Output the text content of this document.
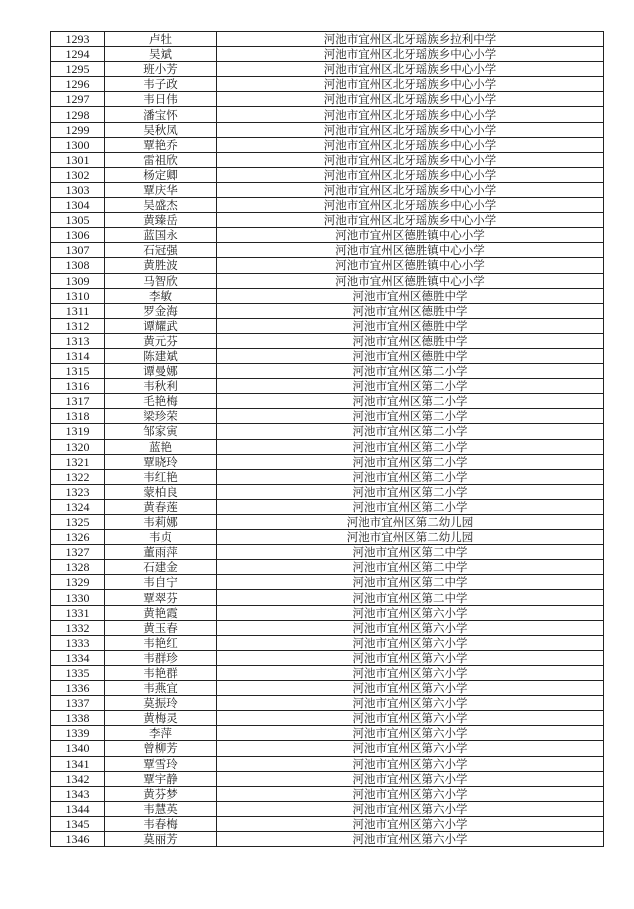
1293	卢牡	河池市宜州区北牙瑶族乡拉利中学
1294	吴斌	河池市宜州区北牙瑶族乡中心小学
1295	班小芳	河池市宜州区北牙瑶族乡中心小学
1296	韦子政	河池市宜州区北牙瑶族乡中心小学
1297	韦日伟	河池市宜州区北牙瑶族乡中心小学
1298	潘宝怀	河池市宜州区北牙瑶族乡中心小学
1299	吴秋凤	河池市宜州区北牙瑶族乡中心小学
1300	覃艳乔	河池市宜州区北牙瑶族乡中心小学
1301	雷祖欣	河池市宜州区北牙瑶族乡中心小学
1302	杨定卿	河池市宜州区北牙瑶族乡中心小学
1303	覃庆华	河池市宜州区北牙瑶族乡中心小学
1304	吴盛杰	河池市宜州区北牙瑶族乡中心小学
1305	黄臻岳	河池市宜州区北牙瑶族乡中心小学
1306	蓝国永	河池市宜州区德胜镇中心小学
1307	石冠强	河池市宜州区德胜镇中心小学
1308	黄胜波	河池市宜州区德胜镇中心小学
1309	马智欣	河池市宜州区德胜镇中心小学
1310	李敏	河池市宜州区德胜中学
1311	罗金海	河池市宜州区德胜中学
1312	谭耀武	河池市宜州区德胜中学
1313	黄元芬	河池市宜州区德胜中学
1314	陈建斌	河池市宜州区德胜中学
1315	谭曼娜	河池市宜州区第二小学
1316	韦秋利	河池市宜州区第二小学
1317	毛艳梅	河池市宜州区第二小学
1318	梁珍荣	河池市宜州区第二小学
1319	邹家寅	河池市宜州区第二小学
1320	蓝艳	河池市宜州区第二小学
1321	覃晓玲	河池市宜州区第二小学
1322	韦红艳	河池市宜州区第二小学
1323	蒙柏良	河池市宜州区第二小学
1324	黄春莲	河池市宜州区第二小学
1325	韦莉娜	河池市宜州区第二幼儿园
1326	韦贞	河池市宜州区第二幼儿园
1327	董雨萍	河池市宜州区第二中学
1328	石建金	河池市宜州区第二中学
1329	韦自宁	河池市宜州区第二中学
1330	覃翠芬	河池市宜州区第二中学
1331	黄艳霞	河池市宜州区第六小学
1332	黄玉春	河池市宜州区第六小学
1333	韦艳红	河池市宜州区第六小学
1334	韦群珍	河池市宜州区第六小学
1335	韦艳群	河池市宜州区第六小学
1336	韦燕宜	河池市宜州区第六小学
1337	莫振玲	河池市宜州区第六小学
1338	黄梅灵	河池市宜州区第六小学
1339	李萍	河池市宜州区第六小学
1340	曾柳芳	河池市宜州区第六小学
1341	覃雪玲	河池市宜州区第六小学
1342	覃宇静	河池市宜州区第六小学
1343	黄芬梦	河池市宜州区第六小学
1344	韦慧英	河池市宜州区第六小学
1345	韦春梅	河池市宜州区第六小学
1346	莫丽芳	河池市宜州区第六小学
